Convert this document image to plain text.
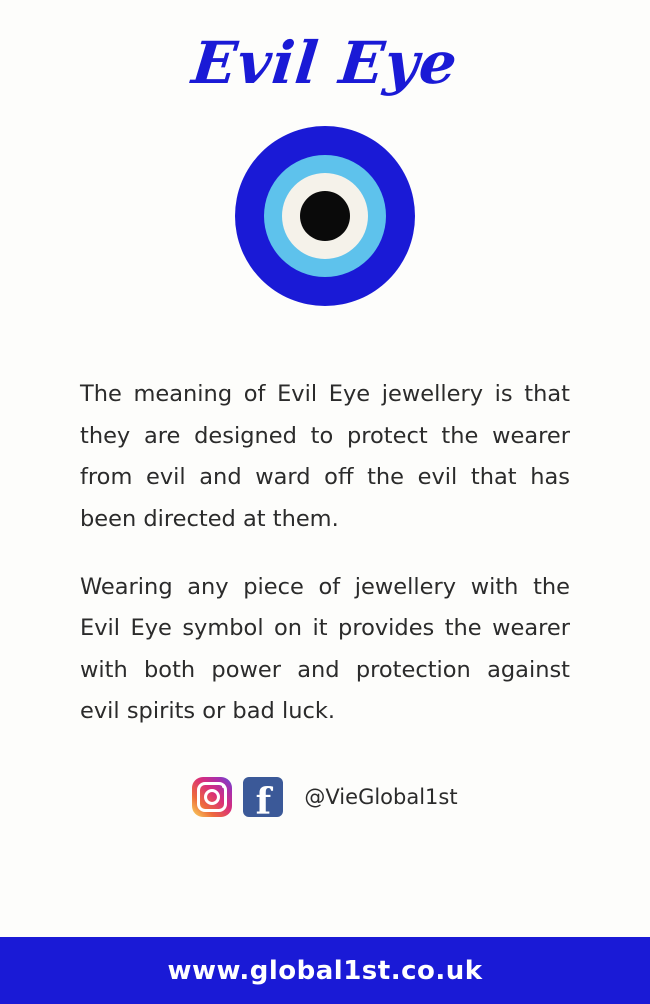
Evil Eye

The meaning of Evil Eye jewellery is that they are designed to protect the wearer from evil and ward off the evil that has been directed at them.

Wearing any piece of jewellery with the Evil Eye symbol on it provides the wearer with both power and protection against evil spirits or bad luck.

f @VieGlobal1st
www.global1st.co.uk
